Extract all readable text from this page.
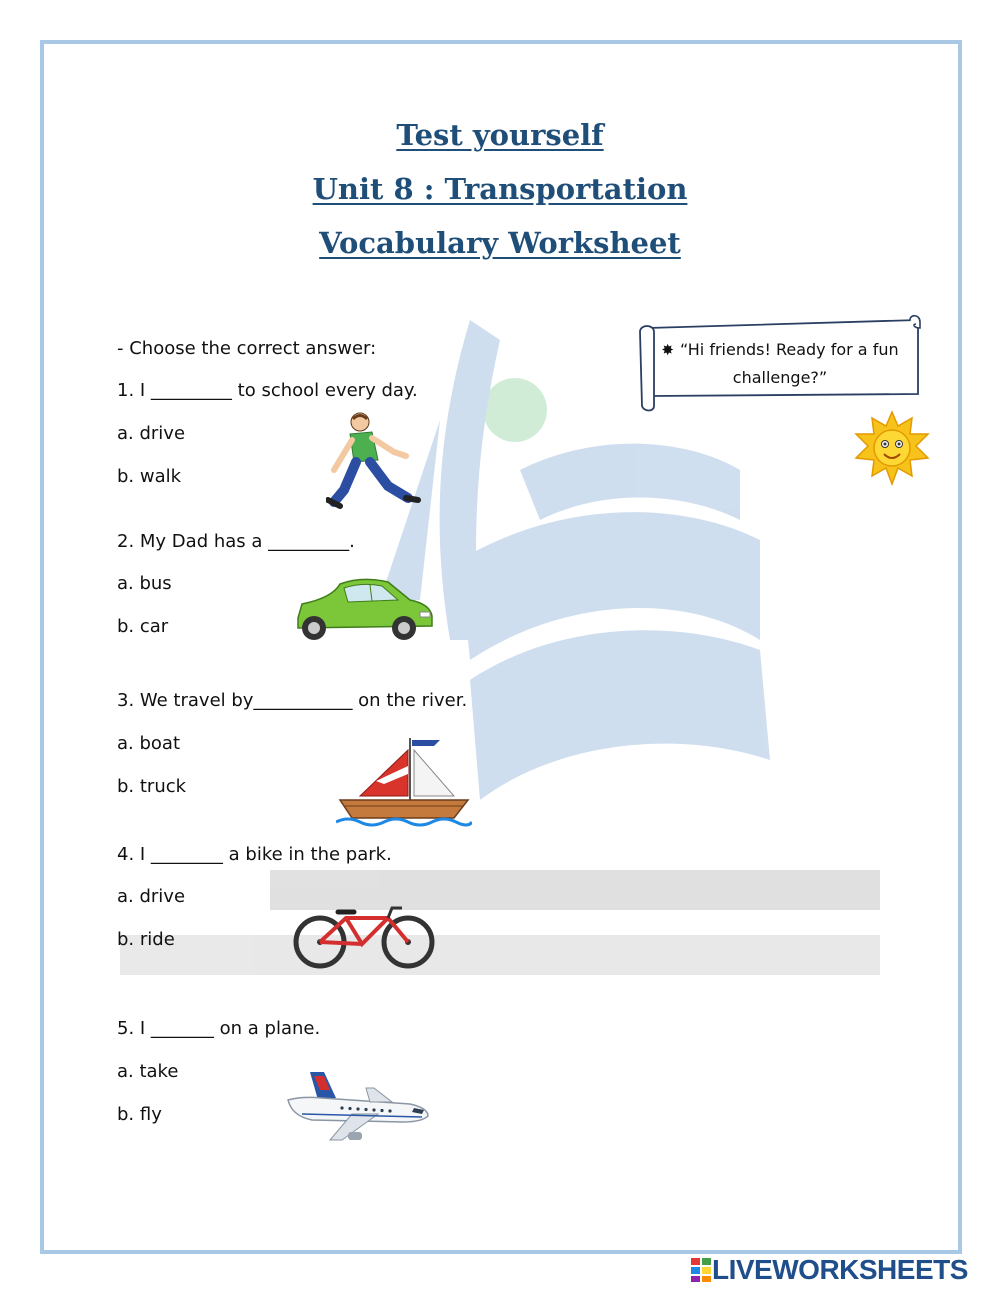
Test yourself
Unit 8 : Transportation
Vocabulary Worksheet
✸ “Hi friends! Ready for a fun challenge?”
- Choose the correct answer:
1. I _________ to school every day.
a. drive
b. walk
2. My Dad has a _________.
a. bus
b. car
3. We travel by___________ on the river.
a. boat
b. truck
4. I ________ a bike in the park.
a. drive
b. ride
5. I _______ on a plane.
a. take
b. fly
LIVEWORKSHEETS
